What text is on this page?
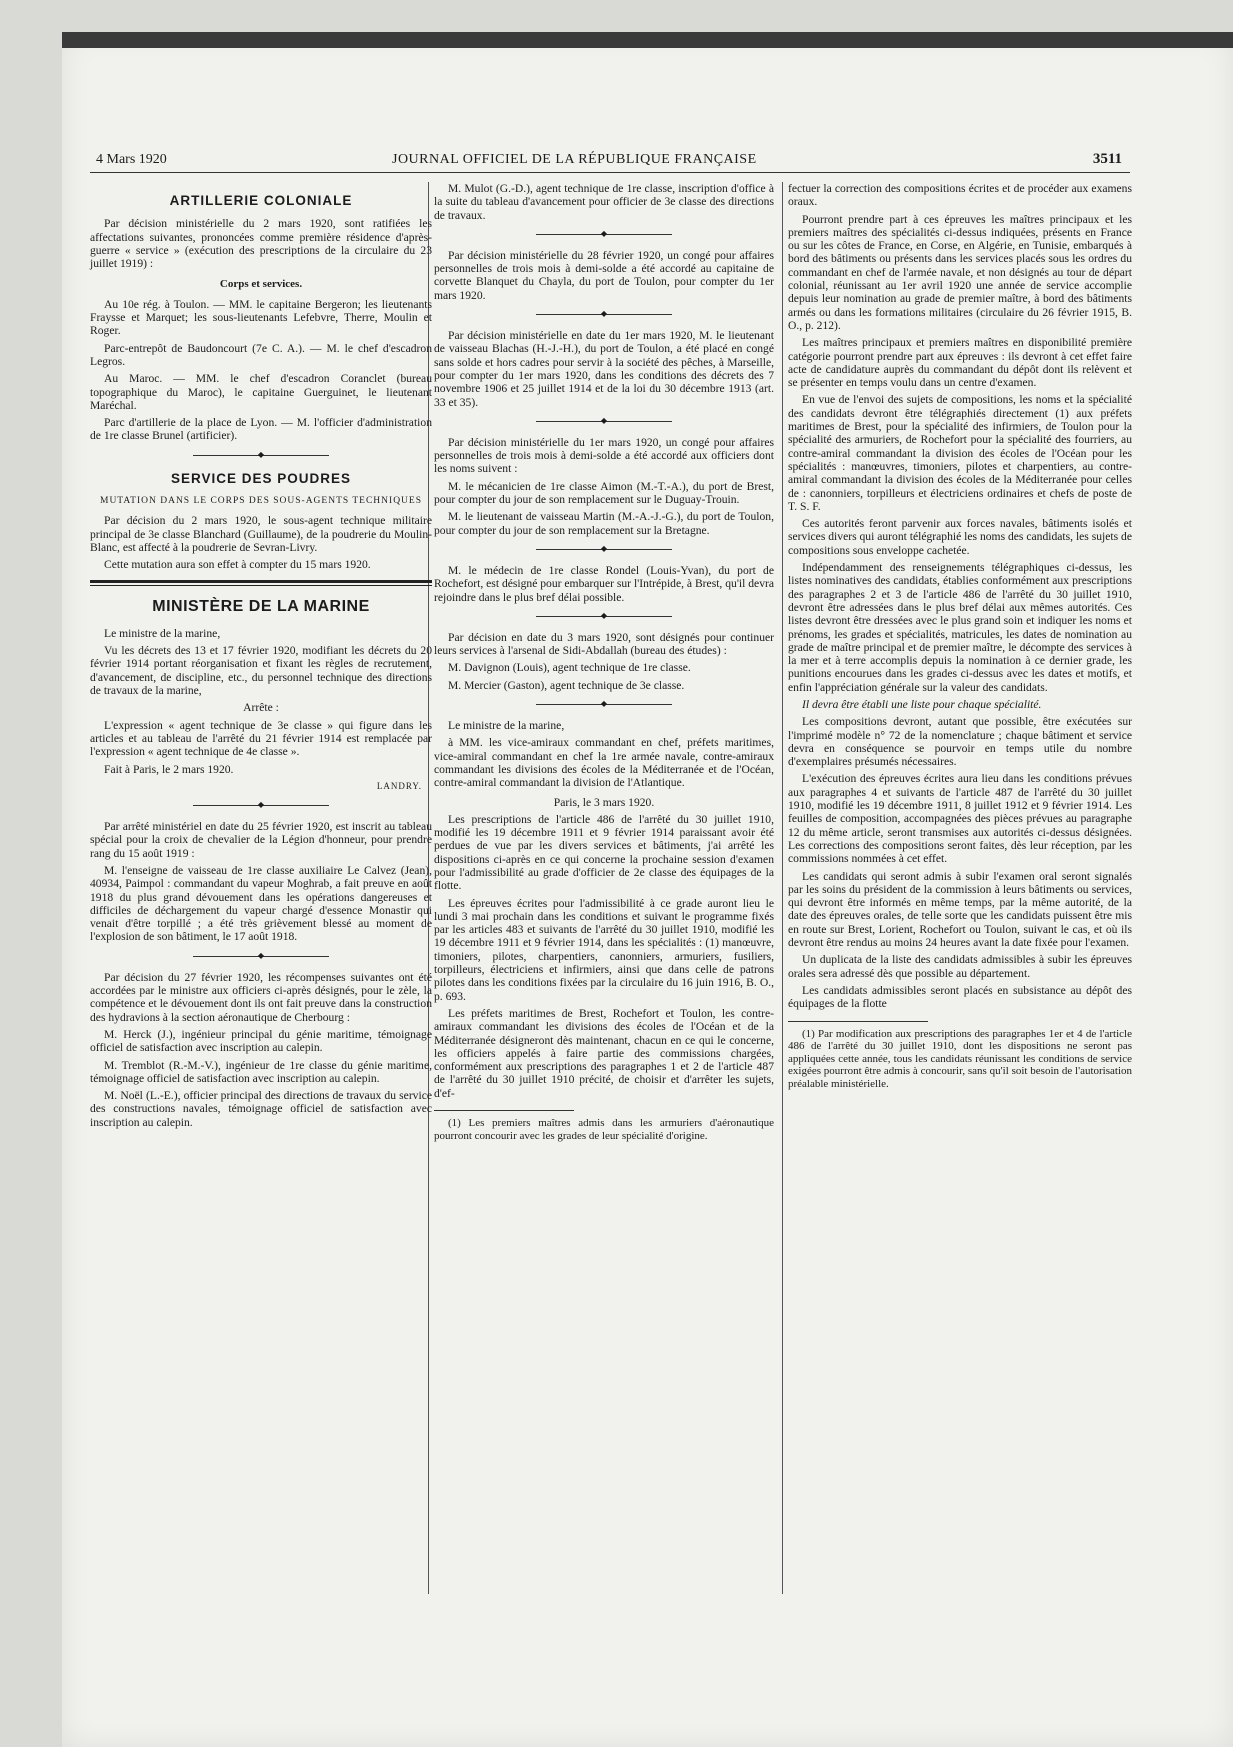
4 Mars 1920	JOURNAL OFFICIEL DE LA RÉPUBLIQUE FRANÇAISE	3511
ARTILLERIE COLONIALE

Par décision ministérielle du 2 mars 1920, sont ratifiées les affectations suivantes, prononcées comme première résidence d'après-guerre « service » (exécution des prescriptions de la circulaire du 23 juillet 1919) :

Corps et services.

Au 10e rég. à Toulon. — MM. le capitaine Bergeron; les lieutenants Fraysse et Marquet; les sous-lieutenants Lefebvre, Therre, Moulin et Roger.

Parc-entrepôt de Baudoncourt (7e C. A.). — M. le chef d'escadron Legros.

Au Maroc. — MM. le chef d'escadron Coranclet (bureau topographique du Maroc), le capitaine Guerguinet, le lieutenant Maréchal.

Parc d'artillerie de la place de Lyon. — M. l'officier d'administration de 1re classe Brunel (artificier).

◆
SERVICE DES POUDRES
MUTATION DANS LE CORPS DES SOUS-AGENTS TECHNIQUES

Par décision du 2 mars 1920, le sous-agent technique militaire principal de 3e classe Blanchard (Guillaume), de la poudrerie du Moulin-Blanc, est affecté à la poudrerie de Sevran-Livry.

Cette mutation aura son effet à compter du 15 mars 1920.

MINISTÈRE DE LA MARINE

Le ministre de la marine,

Vu les décrets des 13 et 17 février 1920, modifiant les décrets du 20 février 1914 portant réorganisation et fixant les règles de recrutement, d'avancement, de discipline, etc., du personnel technique des directions de travaux de la marine,

Arrête :

L'expression « agent technique de 3e classe » qui figure dans les articles et au tableau de l'arrêté du 21 février 1914 est remplacée par l'expression « agent technique de 4e classe ».

Fait à Paris, le 2 mars 1920.

LANDRY.
◆

Par arrêté ministériel en date du 25 février 1920, est inscrit au tableau spécial pour la croix de chevalier de la Légion d'honneur, pour prendre rang du 15 août 1919 :

M. l'enseigne de vaisseau de 1re classe auxiliaire Le Calvez (Jean), 40934, Paimpol : commandant du vapeur Moghrab, a fait preuve en août 1918 du plus grand dévouement dans les opérations dangereuses et difficiles de déchargement du vapeur chargé d'essence Monastir qui venait d'être torpillé ; a été très grièvement blessé au moment de l'explosion de son bâtiment, le 17 août 1918.

◆

Par décision du 27 février 1920, les récompenses suivantes ont été accordées par le ministre aux officiers ci-après désignés, pour le zèle, la compétence et le dévouement dont ils ont fait preuve dans la construction des hydravions à la section aéronautique de Cherbourg :

M. Herck (J.), ingénieur principal du génie maritime, témoignage officiel de satisfaction avec inscription au calepin.

M. Tremblot (R.-M.-V.), ingénieur de 1re classe du génie maritime, témoignage officiel de satisfaction avec inscription au calepin.

M. Noël (L.-E.), officier principal des directions de travaux du service des constructions navales, témoignage officiel de satisfaction avec inscription au calepin.

M. Mulot (G.-D.), agent technique de 1re classe, inscription d'office à la suite du tableau d'avancement pour officier de 3e classe des directions de travaux.

◆

Par décision ministérielle du 28 février 1920, un congé pour affaires personnelles de trois mois à demi-solde a été accordé au capitaine de corvette Blanquet du Chayla, du port de Toulon, pour compter du 1er mars 1920.

◆

Par décision ministérielle en date du 1er mars 1920, M. le lieutenant de vaisseau Blachas (H.-J.-H.), du port de Toulon, a été placé en congé sans solde et hors cadres pour servir à la société des pêches, à Marseille, pour compter du 1er mars 1920, dans les conditions des décrets des 7 novembre 1906 et 25 juillet 1914 et de la loi du 30 décembre 1913 (art. 33 et 35).

◆

Par décision ministérielle du 1er mars 1920, un congé pour affaires personnelles de trois mois à demi-solde a été accordé aux officiers dont les noms suivent :

M. le mécanicien de 1re classe Aimon (M.-T.-A.), du port de Brest, pour compter du jour de son remplacement sur le Duguay-Trouin.

M. le lieutenant de vaisseau Martin (M.-A.-J.-G.), du port de Toulon, pour compter du jour de son remplacement sur la Bretagne.

◆

M. le médecin de 1re classe Rondel (Louis-Yvan), du port de Rochefort, est désigné pour embarquer sur l'Intrépide, à Brest, qu'il devra rejoindre dans le plus bref délai possible.

◆

Par décision en date du 3 mars 1920, sont désignés pour continuer leurs services à l'arsenal de Sidi-Abdallah (bureau des études) :

M. Davignon (Louis), agent technique de 1re classe.

M. Mercier (Gaston), agent technique de 3e classe.

◆

Le ministre de la marine,

à MM. les vice-amiraux commandant en chef, préfets maritimes, vice-amiral commandant en chef la 1re armée navale, contre-amiraux commandant les divisions des écoles de la Méditerranée et de l'Océan, contre-amiral commandant la division de l'Atlantique.

Paris, le 3 mars 1920.

Les prescriptions de l'article 486 de l'arrêté du 30 juillet 1910, modifié les 19 décembre 1911 et 9 février 1914 paraissant avoir été perdues de vue par les divers services et bâtiments, j'ai arrêté les dispositions ci-après en ce qui concerne la prochaine session d'examen pour l'admissibilité au grade d'officier de 2e classe des équipages de la flotte.

Les épreuves écrites pour l'admissibilité à ce grade auront lieu le lundi 3 mai prochain dans les conditions et suivant le programme fixés par les articles 483 et suivants de l'arrêté du 30 juillet 1910, modifié les 19 décembre 1911 et 9 février 1914, dans les spécialités : (1) manœuvre, timoniers, pilotes, charpentiers, canonniers, armuriers, fusiliers, torpilleurs, électriciens et infirmiers, ainsi que dans celle de patrons pilotes dans les conditions fixées par la circulaire du 16 juin 1916, B. O., p. 693.

Les préfets maritimes de Brest, Rochefort et Toulon, les contre-amiraux commandant les divisions des écoles de l'Océan et de la Méditerranée désigneront dès maintenant, chacun en ce qui le concerne, les officiers appelés à faire partie des commissions chargées, conformément aux prescriptions des paragraphes 1 et 2 de l'article 487 de l'arrêté du 30 juillet 1910 précité, de choisir et d'arrêter les sujets, d'ef-

(1) Les premiers maîtres admis dans les armuriers d'aéronautique pourront concourir avec les grades de leur spécialité d'origine.

fectuer la correction des compositions écrites et de procéder aux examens oraux.

Pourront prendre part à ces épreuves les maîtres principaux et les premiers maîtres des spécialités ci-dessus indiquées, présents en France ou sur les côtes de France, en Corse, en Algérie, en Tunisie, embarqués à bord des bâtiments ou présents dans les services placés sous les ordres du commandant en chef de l'armée navale, et non désignés au tour de départ colonial, réunissant au 1er avril 1920 une année de service accomplie depuis leur nomination au grade de premier maître, à bord des bâtiments armés ou dans les formations militaires (circulaire du 26 février 1915, B. O., p. 212).

Les maîtres principaux et premiers maîtres en disponibilité première catégorie pourront prendre part aux épreuves : ils devront à cet effet faire acte de candidature auprès du commandant du dépôt dont ils relèvent et se présenter en temps voulu dans un centre d'examen.

En vue de l'envoi des sujets de compositions, les noms et la spécialité des candidats devront être télégraphiés directement (1) aux préfets maritimes de Brest, pour la spécialité des infirmiers, de Toulon pour la spécialité des armuriers, de Rochefort pour la spécialité des fourriers, au contre-amiral commandant la division des écoles de l'Océan pour les spécialités : manœuvres, timoniers, pilotes et charpentiers, au contre-amiral commandant la division des écoles de la Méditerranée pour celles de : canonniers, torpilleurs et électriciens ordinaires et chefs de poste de T. S. F.

Ces autorités feront parvenir aux forces navales, bâtiments isolés et services divers qui auront télégraphié les noms des candidats, les sujets de compositions sous enveloppe cachetée.

Indépendamment des renseignements télégraphiques ci-dessus, les listes nominatives des candidats, établies conformément aux prescriptions des paragraphes 2 et 3 de l'article 486 de l'arrêté du 30 juillet 1910, devront être adressées dans le plus bref délai aux mêmes autorités. Ces listes devront être dressées avec le plus grand soin et indiquer les noms et prénoms, les grades et spécialités, matricules, les dates de nomination au grade de maître principal et de premier maître, le décompte des services à la mer et à terre accomplis depuis la nomination à ce dernier grade, les punitions encourues dans les grades ci-dessus avec les dates et motifs, et enfin l'appréciation générale sur la valeur des candidats.

Il devra être établi une liste pour chaque spécialité.

Les compositions devront, autant que possible, être exécutées sur l'imprimé modèle n° 72 de la nomenclature ; chaque bâtiment et service devra en conséquence se pourvoir en temps utile du nombre d'exemplaires présumés nécessaires.

L'exécution des épreuves écrites aura lieu dans les conditions prévues aux paragraphes 4 et suivants de l'article 487 de l'arrêté du 30 juillet 1910, modifié les 19 décembre 1911, 8 juillet 1912 et 9 février 1914. Les feuilles de composition, accompagnées des pièces prévues au paragraphe 12 du même article, seront transmises aux autorités ci-dessus désignées. Les corrections des compositions seront faites, dès leur réception, par les commissions nommées à cet effet.

Les candidats qui seront admis à subir l'examen oral seront signalés par les soins du président de la commission à leurs bâtiments ou services, qui devront être informés en même temps, par la même autorité, de la date des épreuves orales, de telle sorte que les candidats puissent être mis en route sur Brest, Lorient, Rochefort ou Toulon, suivant le cas, et où ils devront être rendus au moins 24 heures avant la date fixée pour l'examen.

Un duplicata de la liste des candidats admissibles à subir les épreuves orales sera adressé dès que possible au département.

Les candidats admissibles seront placés en subsistance au dépôt des équipages de la flotte

(1) Par modification aux prescriptions des paragraphes 1er et 4 de l'article 486 de l'arrêté du 30 juillet 1910, dont les dispositions ne seront pas appliquées cette année, tous les candidats réunissant les conditions de service exigées pourront être admis à concourir, sans qu'il soit besoin de l'autorisation préalable ministérielle.
